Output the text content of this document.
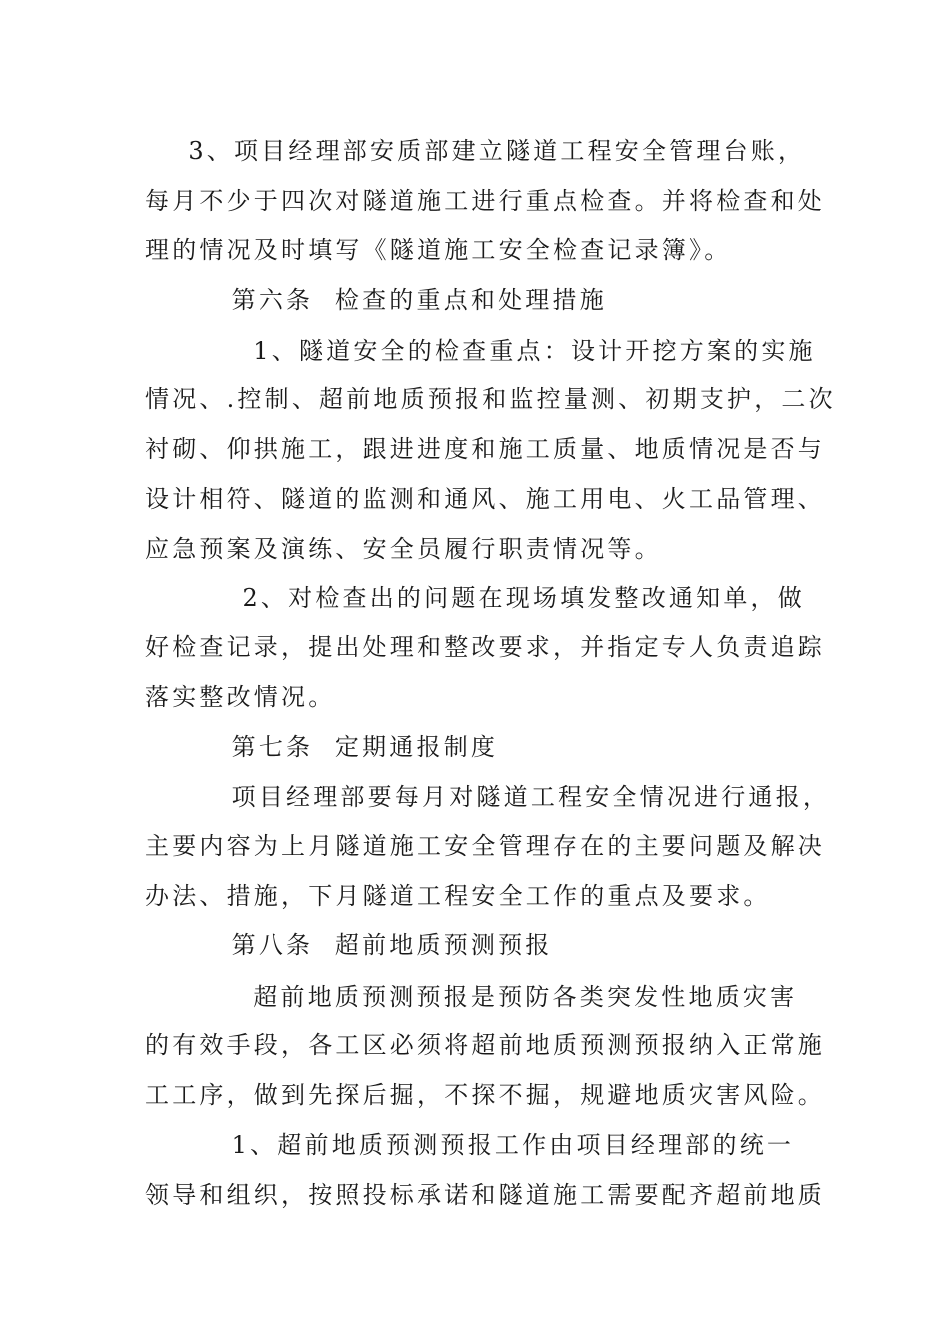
3、项目经理部安质部建立隧道工程安全管理台账，
每月不少于四次对隧道施工进行重点检查。并将检查和处
理的情况及时填写《隧道施工安全检查记录簿》。
第六条  检查的重点和处理措施
1、隧道安全的检查重点：设计开挖方案的实施
情况、.控制、超前地质预报和监控量测、初期支护，二次
衬砌、仰拱施工，跟进进度和施工质量、地质情况是否与
设计相符、隧道的监测和通风、施工用电、火工品管理、
应急预案及演练、安全员履行职责情况等。
2、对检查出的问题在现场填发整改通知单，做
好检查记录，提出处理和整改要求，并指定专人负责追踪
落实整改情况。
第七条  定期通报制度
项目经理部要每月对隧道工程安全情况进行通报，
主要内容为上月隧道施工安全管理存在的主要问题及解决
办法、措施，下月隧道工程安全工作的重点及要求。
第八条  超前地质预测预报
超前地质预测预报是预防各类突发性地质灾害
的有效手段，各工区必须将超前地质预测预报纳入正常施
工工序，做到先探后掘，不探不掘，规避地质灾害风险。
1、超前地质预测预报工作由项目经理部的统一
领导和组织，按照投标承诺和隧道施工需要配齐超前地质
